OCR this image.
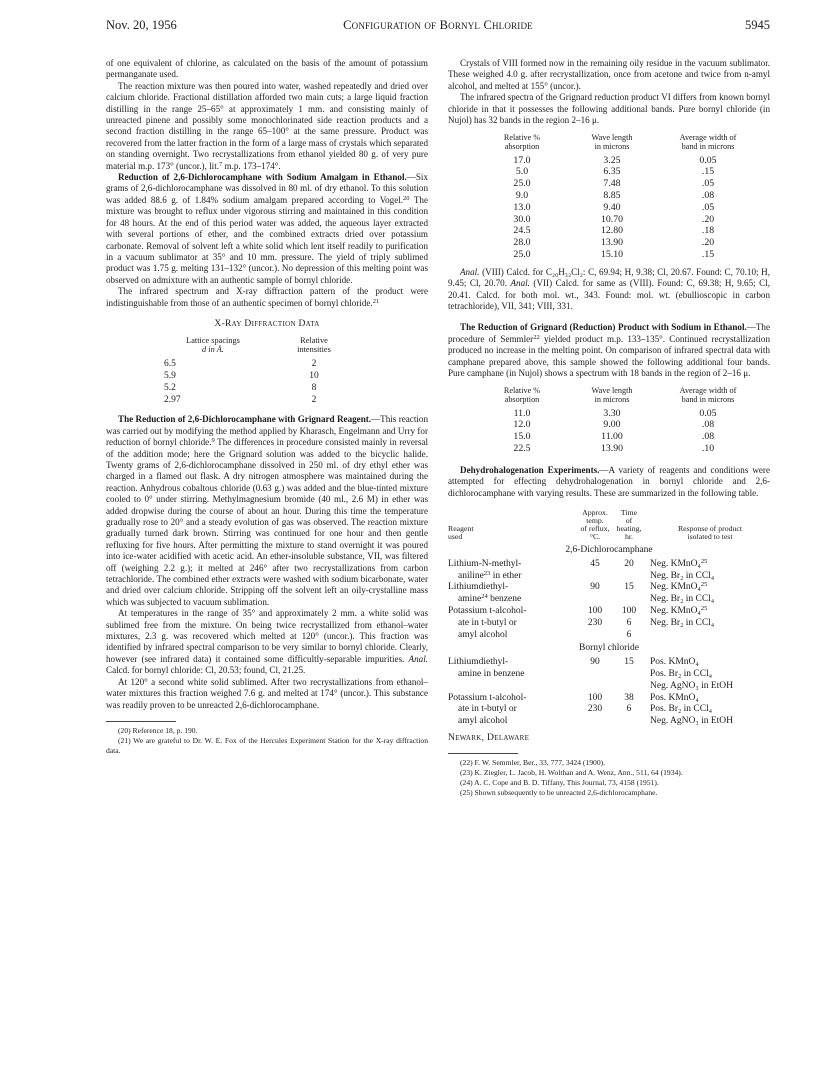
Nov. 20, 1956	Configuration of Bornyl Chloride	5945

of one equivalent of chlorine, as calculated on the basis of the amount of potassium permanganate used.

The reaction mixture was then poured into water, washed repeatedly and dried over calcium chloride. Fractional distillation afforded two main cuts; a large liquid fraction distilling in the range 25–65° at approximately 1 mm. and consisting mainly of unreacted pinene and possibly some monochlorinated side reaction products and a second fraction distilling in the range 65–100° at the same pressure. Product was recovered from the latter fraction in the form of a large mass of crystals which separated on standing overnight. Two recrystallizations from ethanol yielded 80 g. of very pure material m.p. 173° (uncor.), lit.$^7$ m.p. 173–174°.

Reduction of 2,6-Dichlorocamphane with Sodium Amalgam in Ethanol.—Six grams of 2,6-dichlorocamphane was dissolved in 80 ml. of dry ethanol. To this solution was added 88.6 g. of 1.84% sodium amalgam prepared according to Vogel.$^{20}$ The mixture was brought to reflux under vigorous stirring and maintained in this condition for 48 hours. At the end of this period water was added, the aqueous layer extracted with several portions of ether, and the combined extracts dried over potassium carbonate. Removal of solvent left a white solid which lent itself readily to purification in a vacuum sublimator at 35° and 10 mm. pressure. The yield of triply sublimed product was 1.75 g. melting 131–132° (uncor.). No depression of this melting point was observed on admixture with an authentic sample of bornyl chloride.

The infrared spectrum and X-ray diffraction pattern of the product were indistinguishable from those of an authentic specimen of bornyl chloride.$^{21}$

X-Ray Diffraction Data
Lattice spacings
d in Å.	Relative
intensities
6.5	2
5.9	10
5.2	8
2.97	2

The Reduction of 2,6-Dichlorocamphane with Grignard Reagent.—This reaction was carried out by modifying the method applied by Kharasch, Engelmann and Urry for reduction of bornyl chloride.$^9$ The differences in procedure consisted mainly in reversal of the addition mode; here the Grignard solution was added to the bicyclic halide. Twenty grams of 2,6-dichlorocamphane dissolved in 250 ml. of dry ethyl ether was charged in a flamed out flask. A dry nitrogen atmosphere was maintained during the reaction. Anhydrous cobaltous chloride (0.63 g.) was added and the blue-tinted mixture cooled to 0° under stirring. Methylmagnesium bromide (40 ml., 2.6 M) in ether was added dropwise during the course of about an hour. During this time the temperature gradually rose to 20° and a steady evolution of gas was observed. The reaction mixture gradually turned dark brown. Stirring was continued for one hour and then gentle refluxing for five hours. After permitting the mixture to stand overnight it was poured into ice-water acidified with acetic acid. An ether-insoluble substance, VII, was filtered off (weighing 2.2 g.); it melted at 246° after two recrystallizations from carbon tetrachloride. The combined ether extracts were washed with sodium bicarbonate, water and dried over calcium chloride. Stripping off the solvent left an oily-crystalline mass which was subjected to vacuum sublimation.

At temperatures in the range of 35° and approximately 2 mm. a white solid was sublimed free from the mixture. On being twice recrystallized from ethanol–water mixtures, 2.3 g. was recovered which melted at 120° (uncor.). This fraction was identified by infrared spectral comparison to be very similar to bornyl chloride. Clearly, however (see infrared data) it contained some difficultly-separable impurities. Anal. Calcd. for bornyl chloride: Cl, 20.53; found, Cl, 21.25.

At 120° a second white solid sublimed. After two recrystallizations from ethanol–water mixtures this fraction weighed 7.6 g. and melted at 174° (uncor.). This substance was readily proven to be unreacted 2,6-dichlorocamphane.

(20) Reference 18, p. 190.

(21) We are grateful to Dr. W. E. Fox of the Hercules Experiment Station for the X-ray diffraction data.

Crystals of VIII formed now in the remaining oily residue in the vacuum sublimator. These weighed 4.0 g. after recrystallization, once from acetone and twice from n-amyl alcohol, and melted at 155° (uncor.).

The infrared spectra of the Grignard reduction product VI differs from known bornyl chloride in that it possesses the following additional bands. Pure bornyl chloride (in Nujol) has 32 bands in the region 2–16 μ.

Relative %
absorption	Wave length
in microns	Average width of
band in microns
17.0	3.25	0.05
5.0	6.35	.15
25.0	7.48	.05
9.0	8.85	.08
13.0	9.40	.05
30.0	10.70	.20
24.5	12.80	.18
28.0	13.90	.20
25.0	15.10	.15

Anal. (VIII) Calcd. for C₂₀H₃₂Cl₂: C, 69.94; H, 9.38; Cl, 20.67. Found: C, 70.10; H, 9.45; Cl, 20.70. Anal. (VII) Calcd. for same as (VIII). Found: C, 69.38; H, 9.65; Cl, 20.41. Calcd. for both mol. wt., 343. Found: mol. wt. (ebullioscopic in carbon tetrachloride), VII, 341; VIII, 331.

The Reduction of Grignard (Reduction) Product with Sodium in Ethanol.—The procedure of Semmler$^{22}$ yielded product m.p. 133–135°. Continued recrystallization produced no increase in the melting point. On comparison of infrared spectral data with camphane prepared above, this sample showed the following additional four bands. Pure camphane (in Nujol) shows a spectrum with 18 bands in the region of 2–16 μ.

Relative %
absorption	Wave length
in microns	Average width of
band in microns
11.0	3.30	0.05
12.0	9.00	.08
15.0	11.00	.08
22.5	13.90	.10

Dehydrohalogenation Experiments.—A variety of reagents and conditions were attempted for effecting dehydrohalogenation in bornyl chloride and 2,6-dichlorocamphane with varying results. These are summarized in the following table.

Reagent
used	Approx.
temp.
of reflux,
°C.	Time
of
heating,
hr.	Response of product
isolated to test
2,6-Dichlorocamphane			
Lithium-N-methyl-	45	20	Neg. KMnO₄$^{25}$
aniline$^{23}$ in ether			Neg. Br₂ in CCl₄
Lithiumdiethyl-	90	15	Neg. KMnO₄$^{25}$
amine$^{24}$ benzene			Neg. Br₂ in CCl₄
Potassium t-alcohol-	100	100	Neg. KMnO₄$^{25}$
ate in t-butyl or	230	6	Neg. Br₂ in CCl₄
amyl alcohol		6	
Bornyl chloride			
Lithiumdiethyl-	90	15	Pos. KMnO₄
amine in benzene			Pos. Br₂ in CCl₄
			Neg. AgNO₃ in EtOH
Potassium t-alcohol-	100	38	Pos. KMnO₄
ate in t-butyl or	230	6	Pos. Br₂ in CCl₄
amyl alcohol			Neg. AgNO₃ in EtOH
Newark, Delaware

(22) F. W. Semmler, Ber., 33, 777, 3424 (1900).

(23) K. Ziegler, L. Jacob, H. Wolthan and A. Wenz, Ann., 511, 64 (1934).

(24) A. C. Cope and B. D. Tiffany, This Journal, 73, 4158 (1951).

(25) Shown subsequently to be unreacted 2,6-dichlorocamphane.
